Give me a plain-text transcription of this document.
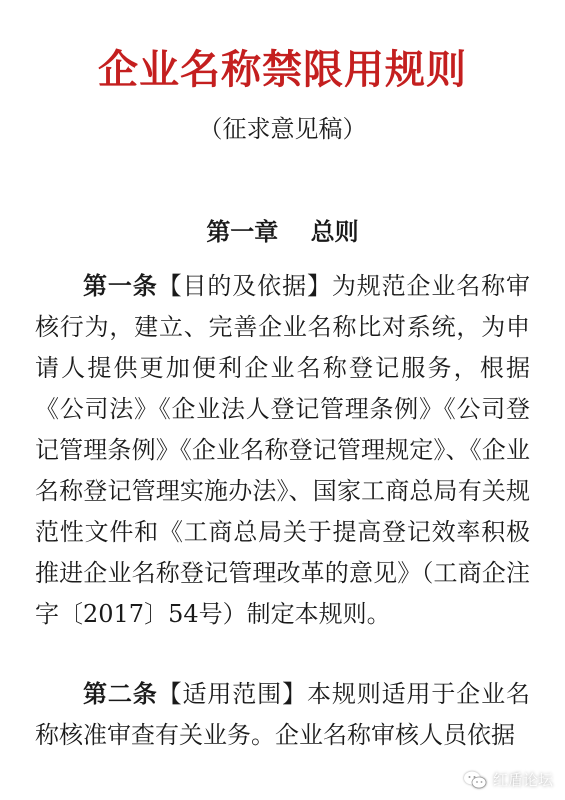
企业名称禁限用规则
（征求意见稿）
第一章　 总则

第一条【目的及依据】为规范企业名称审核行为，建立、完善企业名称比对系统，为申请人提供更加便利企业名称登记服务，根据《公司法》《企业法人登记管理条例》《公司登记管理条例》《企业名称登记管理规定》、《企业名称登记管理实施办法》、国家工商总局有关规范性文件和《工商总局关于提高登记效率积极推进企业名称登记管理改革的意见》（工商企注字〔2017〕54号）制定本规则。

第二条【适用范围】本规则适用于企业名称核准审查有关业务。企业名称审核人员依据

红盾论坛
